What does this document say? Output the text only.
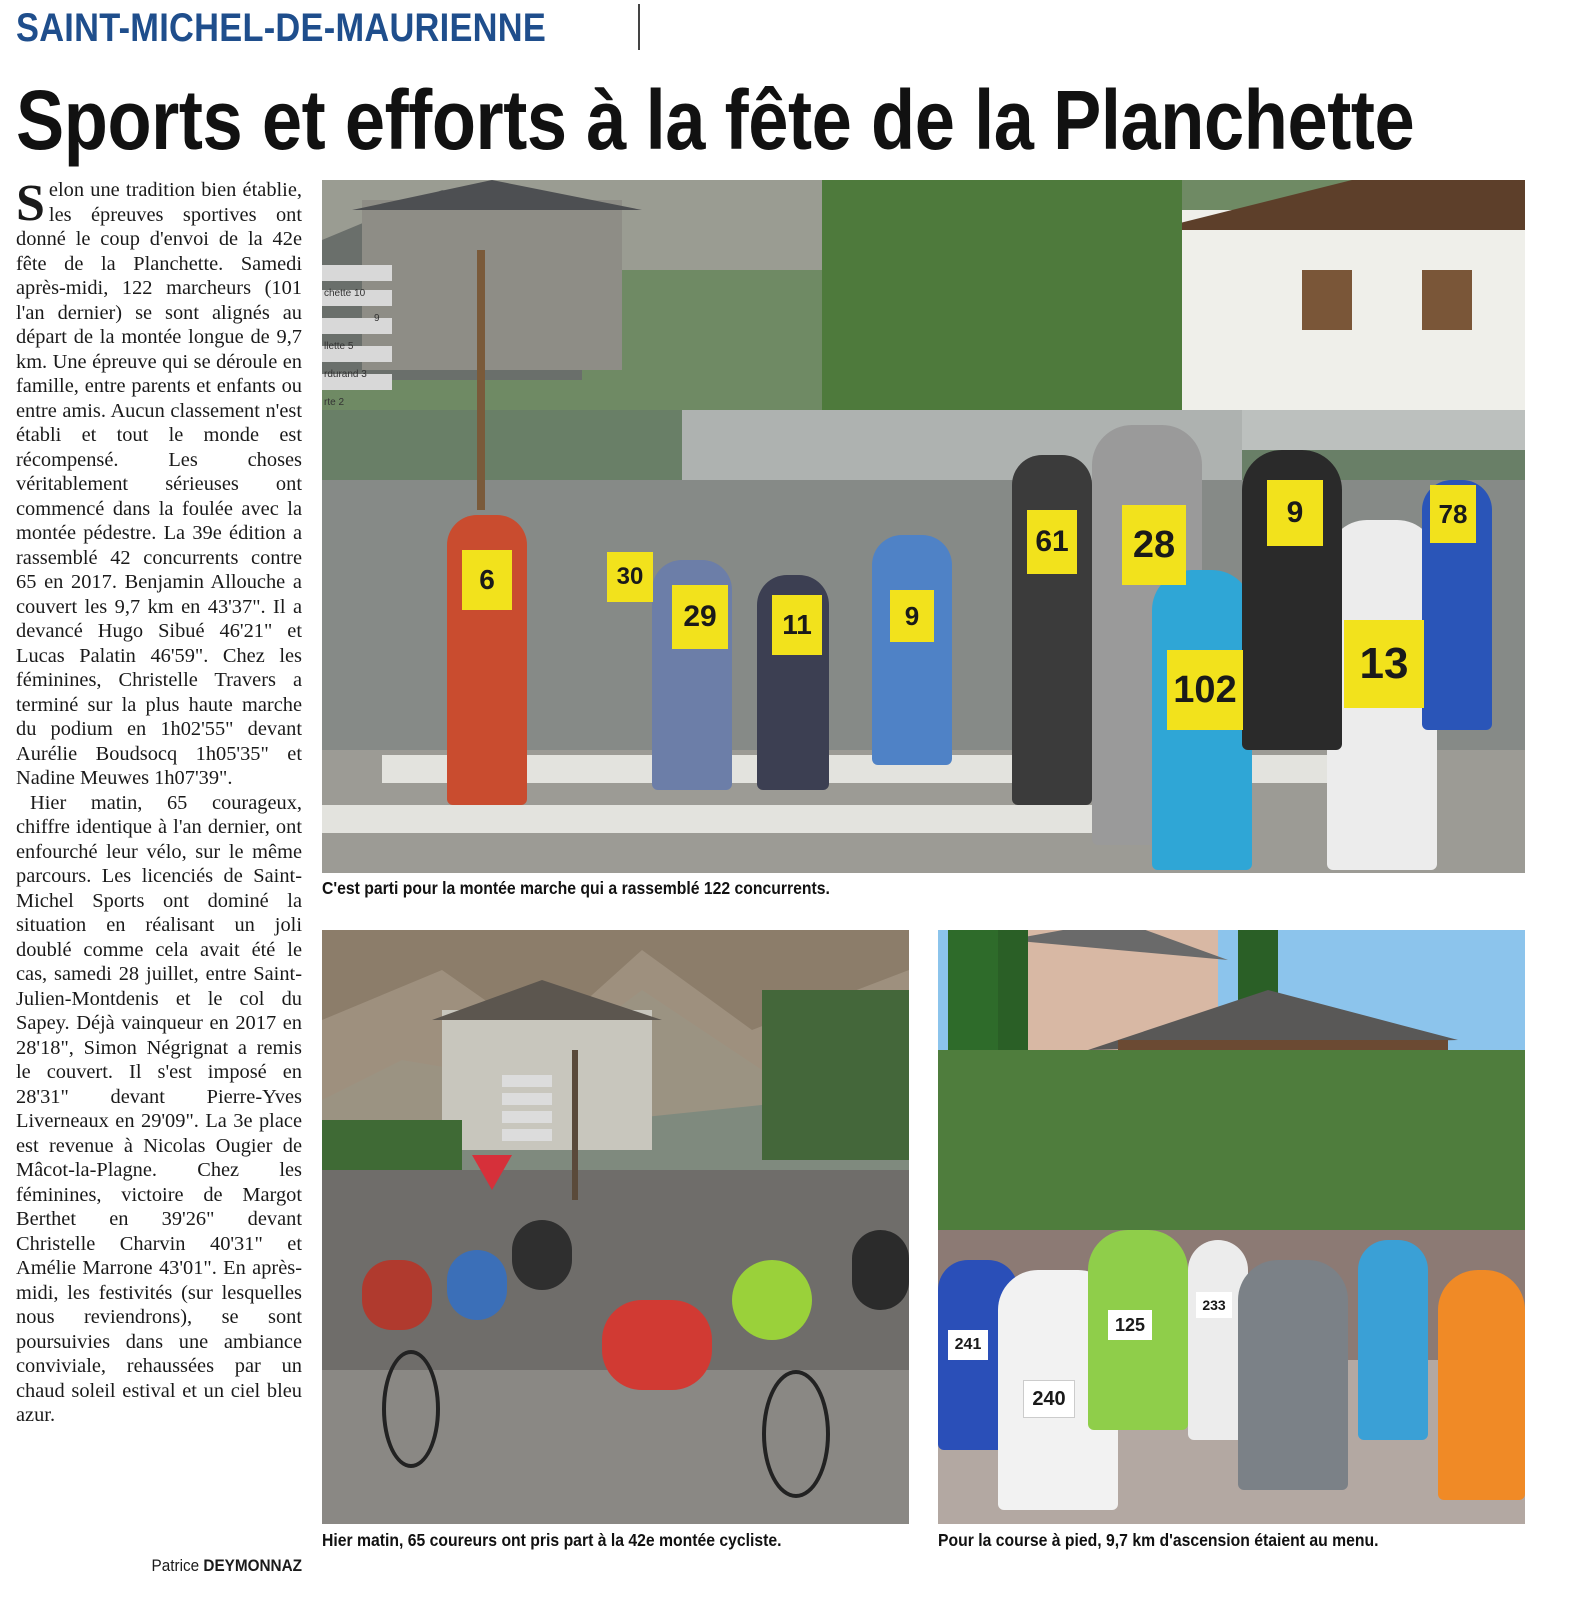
SAINT-MICHEL-DE-MAURIENNE
Sports et efforts à la fête de la Planchette

Selon une tradition bien établie, les épreuves sportives ont donné le coup d'envoi de la 42e fête de la Planchette. Samedi après-midi, 122 marcheurs (101 l'an dernier) se sont alignés au départ de la montée longue de 9,7 km. Une épreuve qui se déroule en famille, entre parents et enfants ou entre amis. Aucun classement n'est établi et tout le monde est récompensé. Les choses véritablement sérieuses ont commencé dans la foulée avec la montée pédestre. La 39e édition a rassemblé 42 concurrents contre 65 en 2017. Benjamin Allouche a couvert les 9,7 km en 43'37". Il a devancé Hugo Sibué 46'21" et Lucas Palatin 46'59". Chez les féminines, Christelle Travers a terminé sur la plus haute marche du podium en 1h02'55" devant Aurélie Boudsocq 1h05'35" et Nadine Meuwes 1h07'39".

Hier matin, 65 courageux, chiffre identique à l'an dernier, ont enfourché leur vélo, sur le même parcours. Les licenciés de Saint-Michel Sports ont dominé la situation en réalisant un joli doublé comme cela avait été le cas, samedi 28 juillet, entre Saint-Julien-Montdenis et le col du Sapey. Déjà vainqueur en 2017 en 28'18", Simon Négrignat a remis le couvert. Il s'est imposé en 28'31" devant Pierre-Yves Liverneaux en 29'09". La 3e place est revenue à Nicolas Ougier de Mâcot-la-Plagne. Chez les féminines, victoire de Margot Berthet en 39'26" devant Christelle Charvin 40'31" et Amélie Marrone 43'01". En après-midi, les festivités (sur lesquelles nous reviendrons), se sont poursuivies dans une ambiance conviviale, rehaussées par un chaud soleil estival et un ciel bleu azur.

Patrice DEYMONNAZ
chette 10
9
llette 5
rdurand 3
rte 2
6	30
29	11	9
61 28
9
102
13
78
C'est parti pour la montée marche qui a rassemblé 122 concurrents.
Hier matin, 65 coureurs ont pris part à la 42e montée cycliste.
241
240
125
233
Pour la course à pied, 9,7 km d'ascension étaient au menu.
